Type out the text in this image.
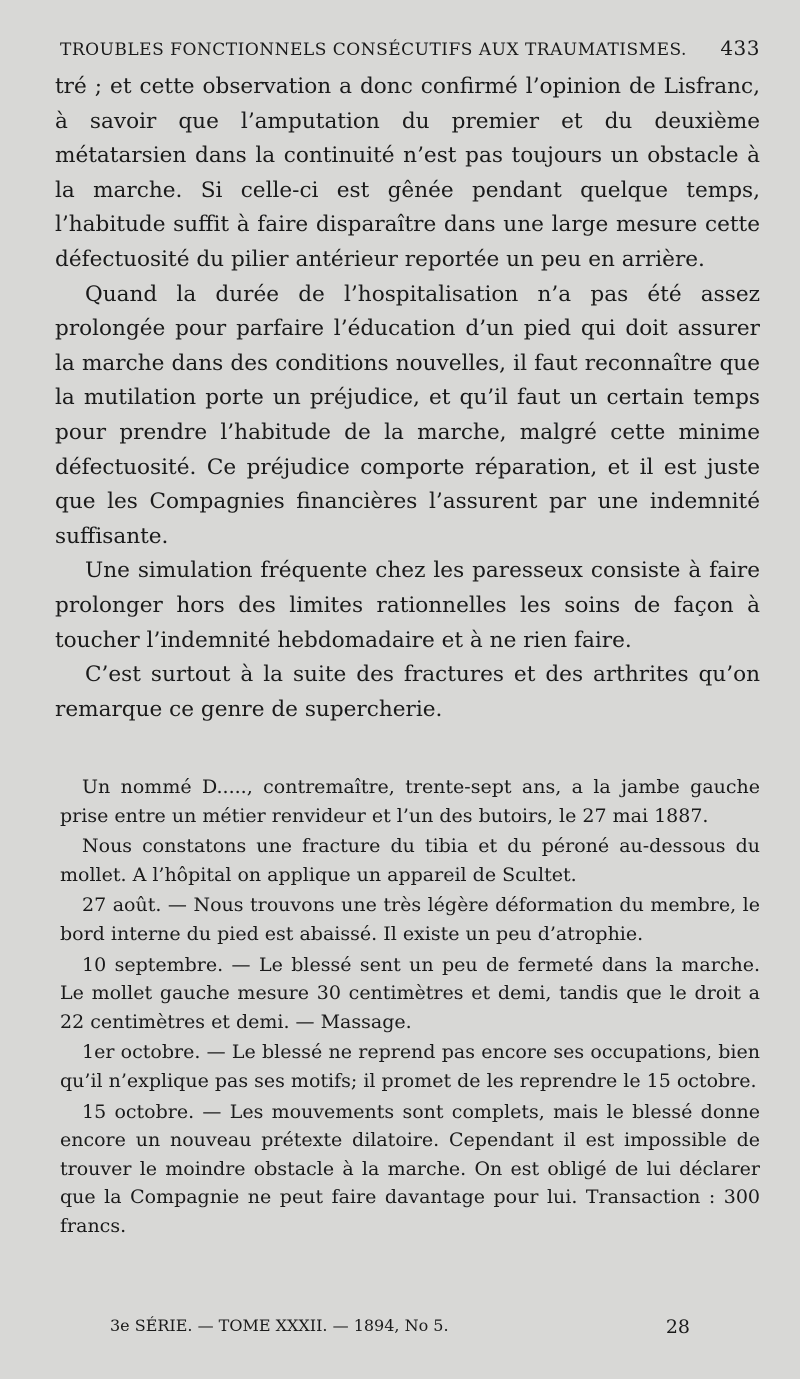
TROUBLES FONCTIONNELS CONSÉCUTIFS AUX TRAUMATISMES. 433

tré ; et cette observation a donc confirmé l’opinion de Lisfranc, à savoir que l’amputation du premier et du deuxième métatarsien dans la continuité n’est pas toujours un obstacle à la marche. Si celle-ci est gênée pendant quelque temps, l’habitude suffit à faire disparaître dans une large mesure cette défectuosité du pilier antérieur reportée un peu en arrière.

Quand la durée de l’hospitalisation n’a pas été assez prolongée pour parfaire l’éducation d’un pied qui doit assurer la marche dans des conditions nouvelles, il faut reconnaître que la mutilation porte un préjudice, et qu’il faut un certain temps pour prendre l’habitude de la marche, malgré cette minime défectuosité. Ce préjudice comporte réparation, et il est juste que les Compagnies financières l’assurent par une indemnité suffisante.

Une simulation fréquente chez les paresseux consiste à faire prolonger hors des limites rationnelles les soins de façon à toucher l’indemnité hebdomadaire et à ne rien faire.

C’est surtout à la suite des fractures et des arthrites qu’on remarque ce genre de supercherie.

Un nommé D....., contremaître, trente-sept ans, a la jambe gauche prise entre un métier renvideur et l’un des butoirs, le 27 mai 1887.

Nous constatons une fracture du tibia et du péroné au-dessous du mollet. A l’hôpital on applique un appareil de Scultet.

27 août. — Nous trouvons une très légère déformation du membre, le bord interne du pied est abaissé. Il existe un peu d’atrophie.

10 septembre. — Le blessé sent un peu de fermeté dans la marche. Le mollet gauche mesure 30 centimètres et demi, tandis que le droit a 22 centimètres et demi. — Massage.

1er octobre. — Le blessé ne reprend pas encore ses occupations, bien qu’il n’explique pas ses motifs; il promet de les reprendre le 15 octobre.

15 octobre. — Les mouvements sont complets, mais le blessé donne encore un nouveau prétexte dilatoire. Cependant il est impossible de trouver le moindre obstacle à la marche. On est obligé de lui déclarer que la Compagnie ne peut faire davantage pour lui. Transaction : 300 francs.

3e SÉRIE. — TOME XXXII. — 1894, No 5.	28
